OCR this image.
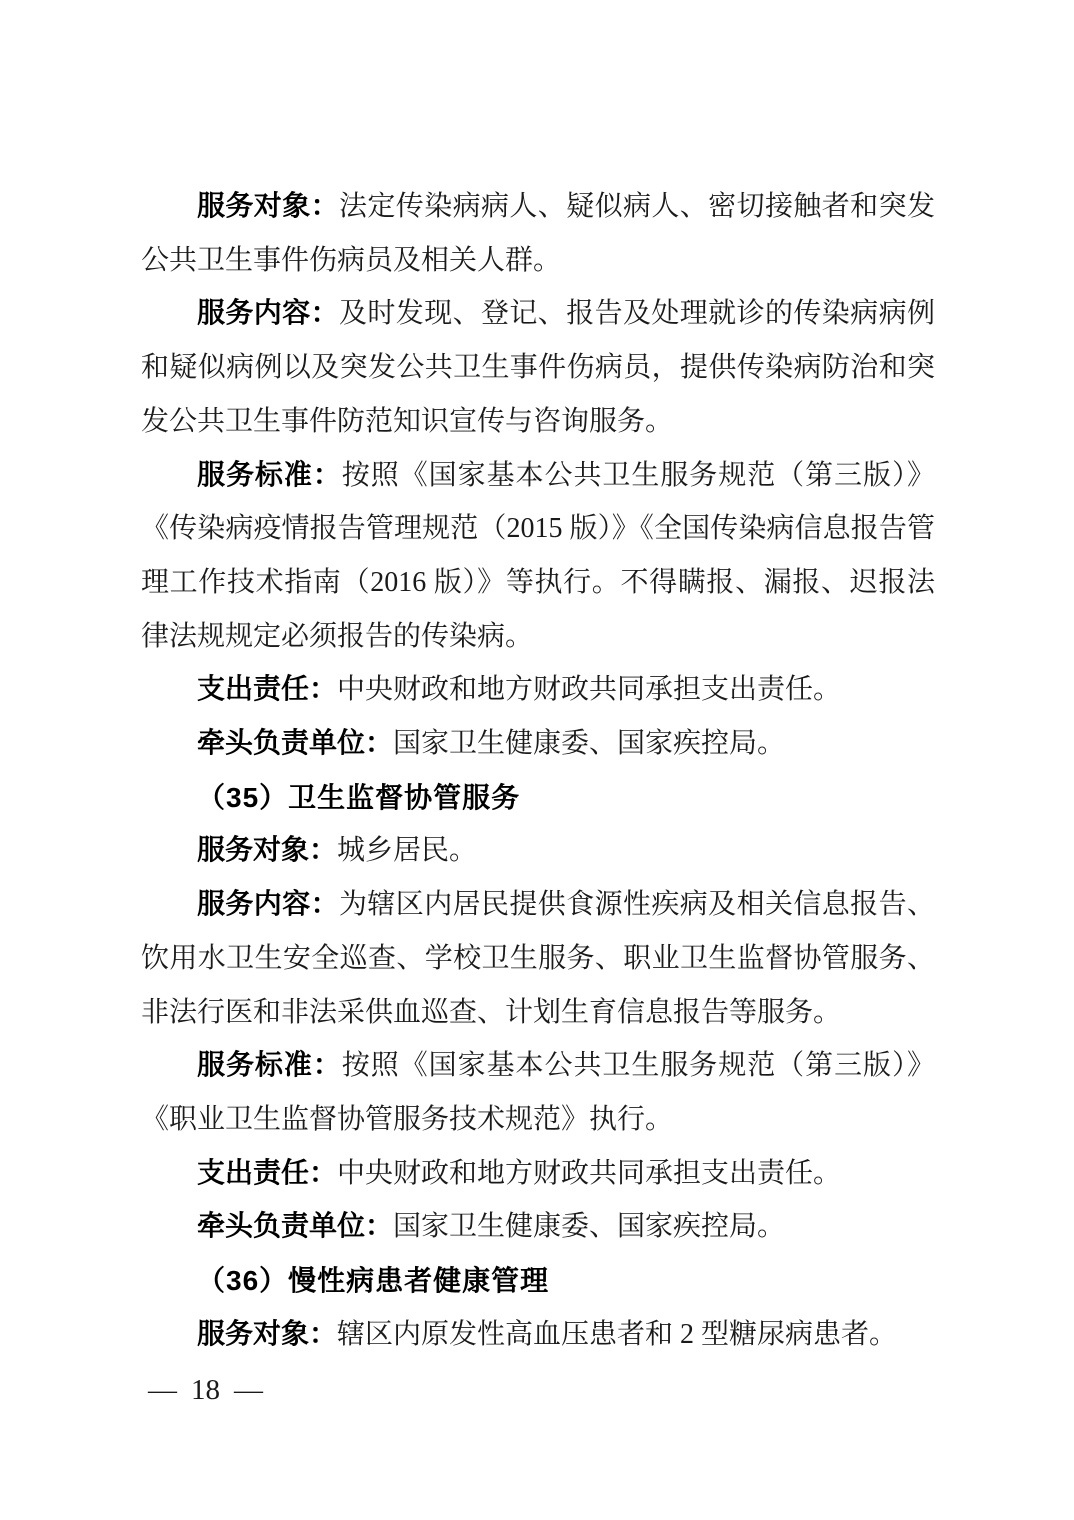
服务对象：法定传染病病人、疑似病人、密切接触者和突发公共卫生事件伤病员及相关人群。

服务内容：及时发现、登记、报告及处理就诊的传染病病例和疑似病例以及突发公共卫生事件伤病员，提供传染病防治和突发公共卫生事件防范知识宣传与咨询服务。

服务标准：按照《国家基本公共卫生服务规范（第三版）》《传染病疫情报告管理规范（2015 版）》《全国传染病信息报告管理工作技术指南（2016 版）》等执行。不得瞒报、漏报、迟报法律法规规定必须报告的传染病。

支出责任：中央财政和地方财政共同承担支出责任。

牵头负责单位：国家卫生健康委、国家疾控局。

（35）卫生监督协管服务

服务对象：城乡居民。

服务内容：为辖区内居民提供食源性疾病及相关信息报告、饮用水卫生安全巡查、学校卫生服务、职业卫生监督协管服务、非法行医和非法采供血巡查、计划生育信息报告等服务。

服务标准：按照《国家基本公共卫生服务规范（第三版）》《职业卫生监督协管服务技术规范》执行。

支出责任：中央财政和地方财政共同承担支出责任。

牵头负责单位：国家卫生健康委、国家疾控局。

（36）慢性病患者健康管理

服务对象：辖区内原发性高血压患者和 2 型糖尿病患者。

— 18 —
